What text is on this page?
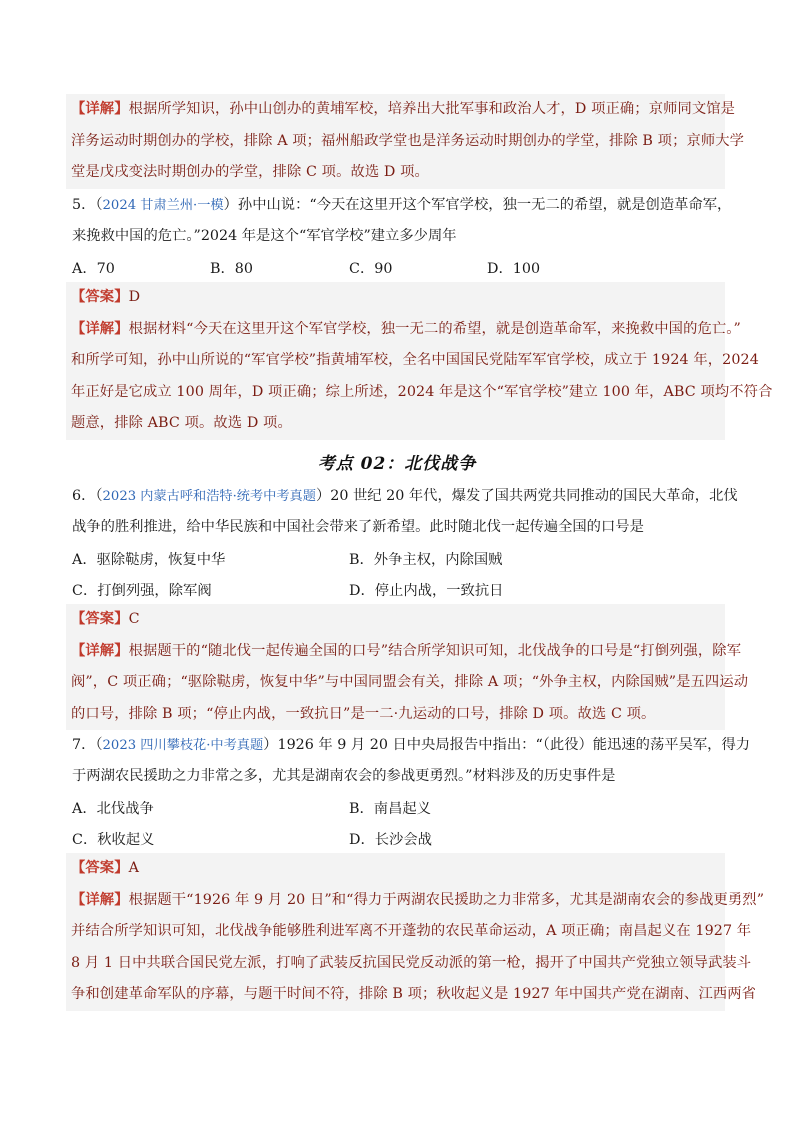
【详解】根据所学知识，孙中山创办的黄埔军校，培养出大批军事和政治人才，D 项正确；京师同文馆是

洋务运动时期创办的学校，排除 A 项；福州船政学堂也是洋务运动时期创办的学堂，排除 B 项；京师大学

堂是戊戌变法时期创办的学堂，排除 C 项。故选 D 项。

5．（2024 甘肃兰州·一模）孙中山说：“今天在这里开这个军官学校，独一无二的希望，就是创造革命军，
来挽救中国的危亡。”2024 年是这个“军官学校”建立多少周年
A．70	B．80	C．90	D．100

【答案】D

【详解】根据材料“今天在这里开这个军官学校，独一无二的希望，就是创造革命军，来挽救中国的危亡。”

和所学可知，孙中山所说的“军官学校”指黄埔军校，全名中国国民党陆军军官学校，成立于 1924 年，2024

年正好是它成立 100 周年，D 项正确；综上所述，2024 年是这个“军官学校”建立 100 年，ABC 项均不符合

题意，排除 ABC 项。故选 D 项。

考点 02：北伐战争
6．（2023 内蒙古呼和浩特·统考中考真题）20 世纪 20 年代，爆发了国共两党共同推动的国民大革命，北伐
战争的胜利推进，给中华民族和中国社会带来了新希望。此时随北伐一起传遍全国的口号是
A．驱除鞑虏，恢复中华	B．外争主权，内除国贼
C．打倒列强，除军阀	D．停止内战，一致抗日

【答案】C

【详解】根据题干的“随北伐一起传遍全国的口号”结合所学知识可知，北伐战争的口号是“打倒列强，除军

阀”，C 项正确；“驱除鞑虏，恢复中华”与中国同盟会有关，排除 A 项；“外争主权，内除国贼”是五四运动

的口号，排除 B 项；“停止内战，一致抗日”是一二·九运动的口号，排除 D 项。故选 C 项。

7．（2023 四川攀枝花·中考真题）1926 年 9 月 20 日中央局报告中指出：“（此役）能迅速的荡平吴军，得力
于两湖农民援助之力非常之多，尤其是湖南农会的参战更勇烈。”材料涉及的历史事件是
A．北伐战争	B．南昌起义
C．秋收起义	D．长沙会战

【答案】A

【详解】根据题干“1926 年 9 月 20 日”和“得力于两湖农民援助之力非常多，尤其是湖南农会的参战更勇烈”

并结合所学知识可知，北伐战争能够胜利进军离不开蓬勃的农民革命运动，A 项正确；南昌起义在 1927 年

8 月 1 日中共联合国民党左派，打响了武装反抗国民党反动派的第一枪，揭开了中国共产党独立领导武装斗

争和创建革命军队的序幕，与题干时间不符，排除 B 项；秋收起义是 1927 年中国共产党在湖南、江西两省
